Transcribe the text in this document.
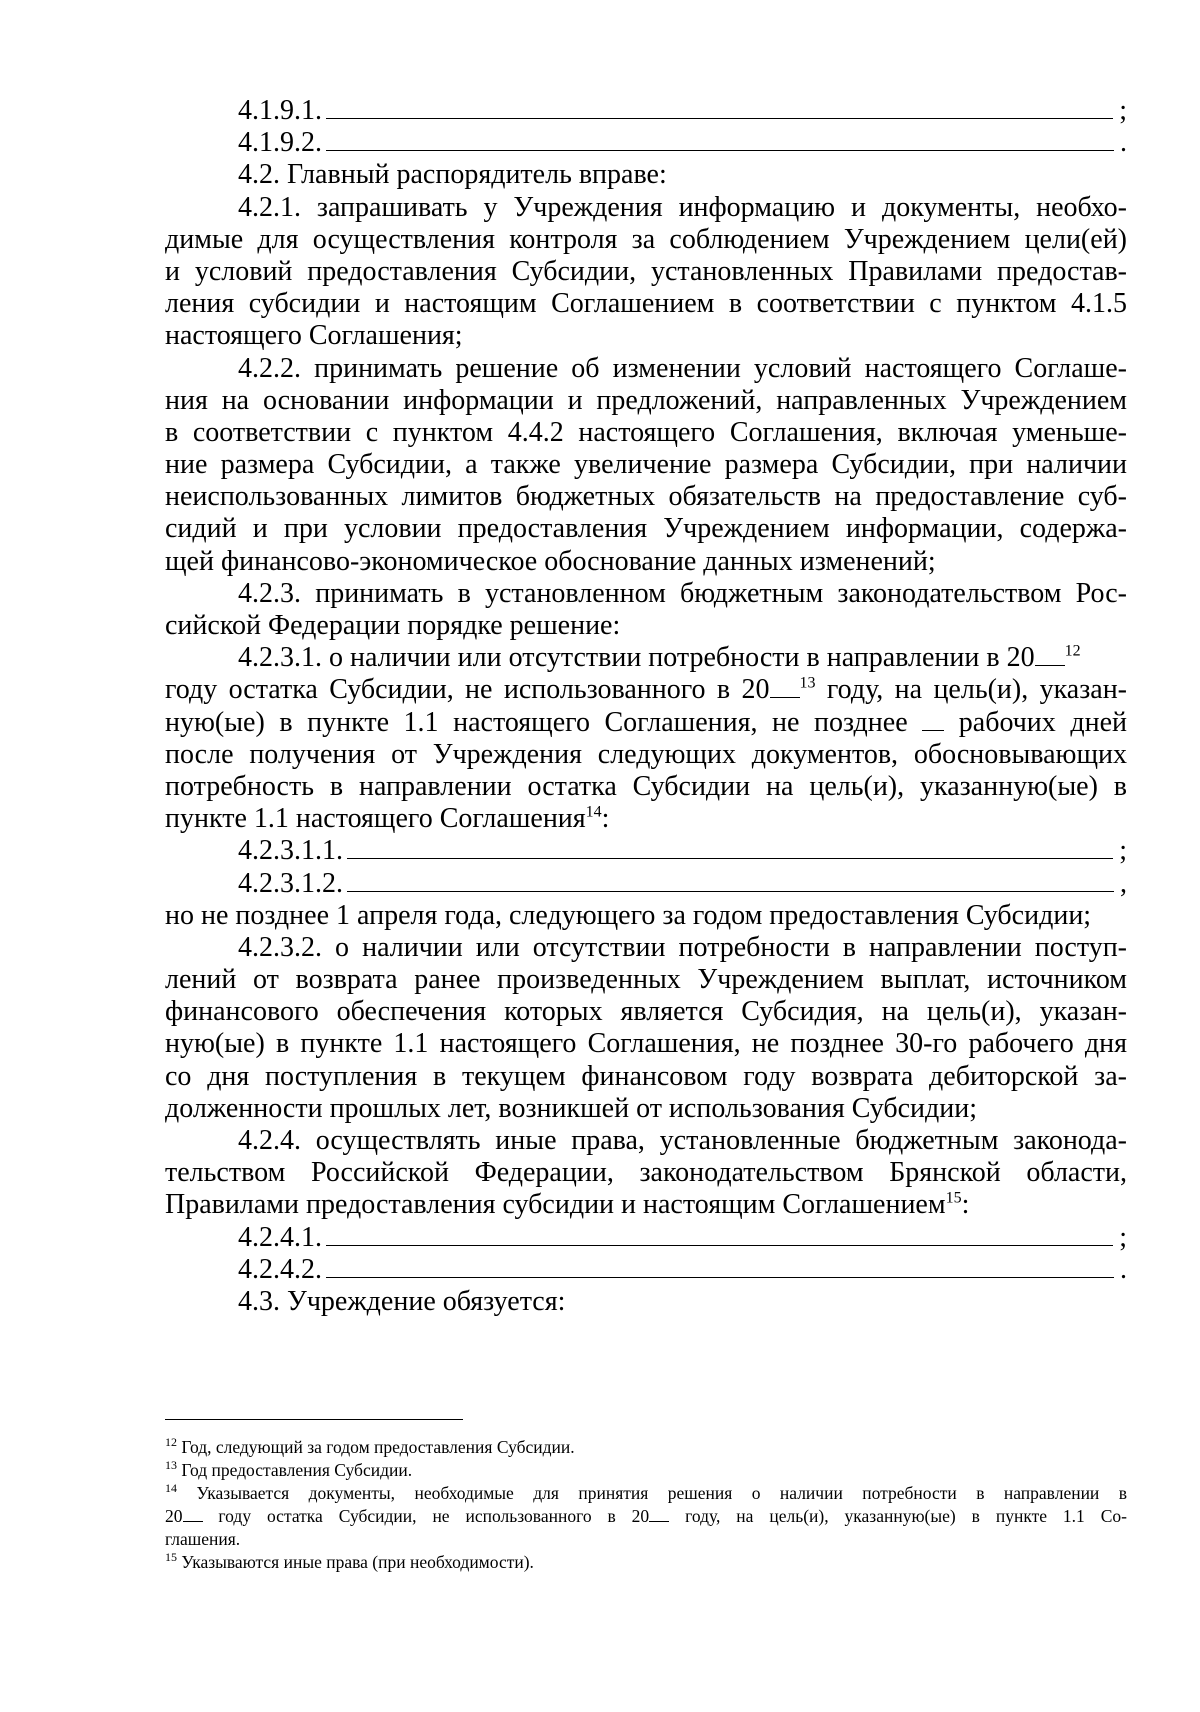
4.1.9.1.	;
4.1.9.2.	.
4.2. Главный распорядитель вправе:
4.2.1. запрашивать у Учреждения информацию и документы, необхо-
димые для осуществления контроля за соблюдением Учреждением цели(ей)
и условий предоставления Субсидии, установленных Правилами предостав-
ления субсидии и настоящим Соглашением в соответствии с пунктом 4.1.5
настоящего Соглашения;
4.2.2. принимать решение об изменении условий настоящего Соглаше-
ния на основании информации и предложений, направленных Учреждением
в соответствии с пунктом 4.4.2 настоящего Соглашения, включая уменьше-
ние размера Субсидии, а также увеличение размера Субсидии, при наличии
неиспользованных лимитов бюджетных обязательств на предоставление суб-
сидий и при условии предоставления Учреждением информации, содержа-
щей финансово-экономическое обоснование данных изменений;
4.2.3. принимать в установленном бюджетным законодательством Рос-
сийской Федерации порядке решение:
4.2.3.1. о наличии или отсутствии потребности в направлении в 20 $^{12}$
году остатка Субсидии, не использованного в 20 $^{13}$ году, на цель(и), указан-
ную(ые) в пункте 1.1 настоящего Соглашения, не позднее  рабочих дней
после получения от Учреждения следующих документов, обосновывающих
потребность в направлении остатка Субсидии на цель(и), указанную(ые) в
пункте 1.1 настоящего Соглашения$^{14}$:
4.2.3.1.1.	;
4.2.3.1.2.	,
но не позднее 1 апреля года, следующего за годом предоставления Субсидии;
4.2.3.2. о наличии или отсутствии потребности в направлении поступ-
лений от возврата ранее произведенных Учреждением выплат, источником
финансового обеспечения которых является Субсидия, на цель(и), указан-
ную(ые) в пункте 1.1 настоящего Соглашения, не позднее 30-го рабочего дня
со дня поступления в текущем финансовом году возврата дебиторской за-
долженности прошлых лет, возникшей от использования Субсидии;
4.2.4. осуществлять иные права, установленные бюджетным законода-
тельством Российской Федерации, законодательством Брянской области,
Правилами предоставления субсидии и настоящим Соглашением$^{15}$:
4.2.4.1.	;
4.2.4.2.	.
4.3. Учреждение обязуется:
$^{12}$ Год, следующий за годом предоставления Субсидии.
$^{13}$ Год предоставления Субсидии.
$^{14}$ Указывается документы, необходимые для принятия решения о наличии потребности в направлении в
20 году остатка Субсидии, не использованного в 20 году, на цель(и), указанную(ые) в пункте 1.1 Со-
глашения.
$^{15}$ Указываются иные права (при необходимости).
